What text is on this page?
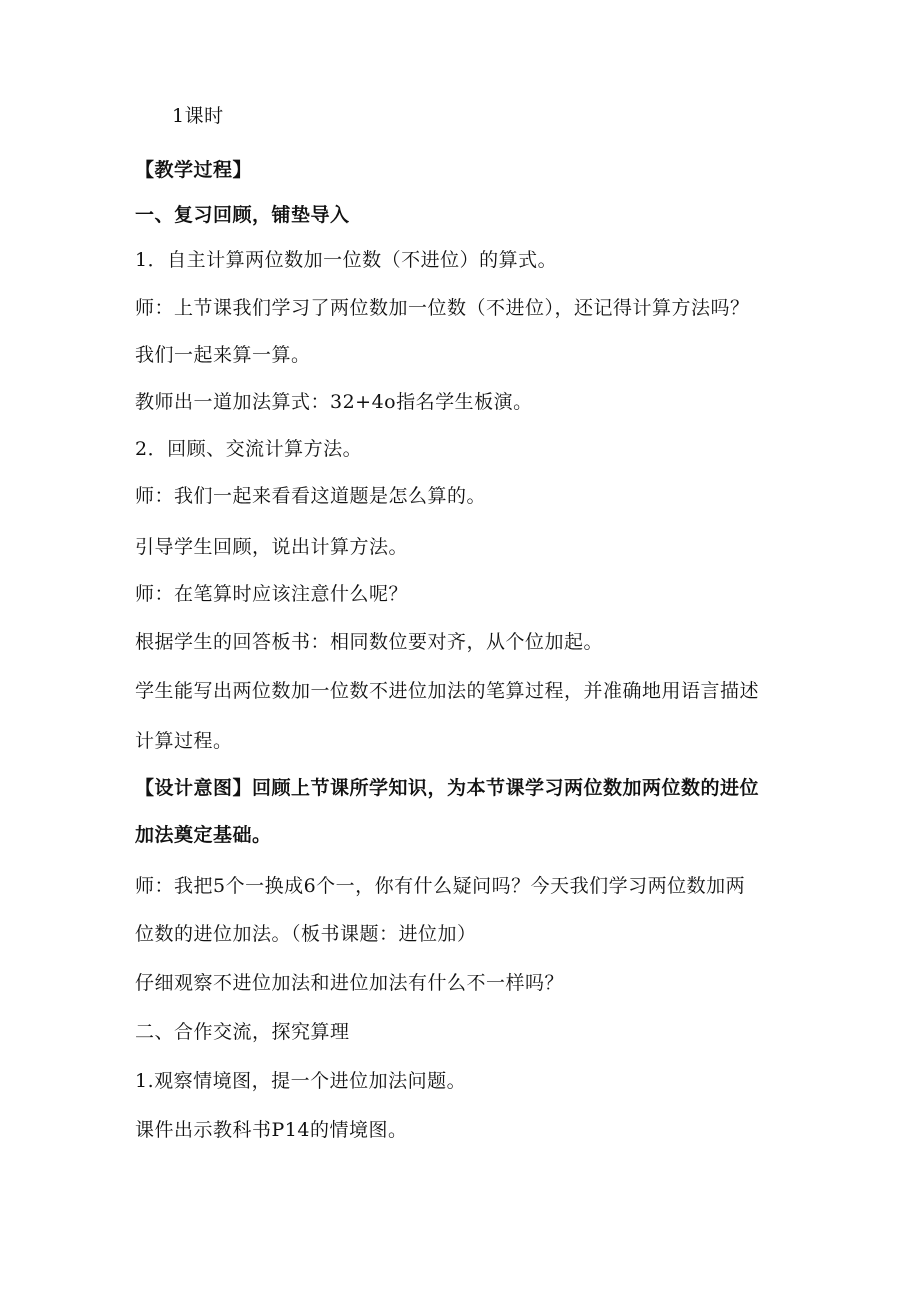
1课时
【教学过程】
一、复习回顾，铺垫导入
1．自主计算两位数加一位数（不进位）的算式。
师：上节课我们学习了两位数加一位数（不进位），还记得计算方法吗？
我们一起来算一算。
教师出一道加法算式：32+4o指名学生板演。
2．回顾、交流计算方法。
师：我们一起来看看这道题是怎么算的。
引导学生回顾，说出计算方法。
师：在笔算时应该注意什么呢？
根据学生的回答板书：相同数位要对齐，从个位加起。
学生能写出两位数加一位数不进位加法的笔算过程，并准确地用语言描述
计算过程。
【设计意图】回顾上节课所学知识，为本节课学习两位数加两位数的进位
加法奠定基础。
师：我把5个一换成6个一，你有什么疑问吗？今天我们学习两位数加两
位数的进位加法。（板书课题：进位加）
仔细观察不进位加法和进位加法有什么不一样吗？
二、合作交流，探究算理
1.观察情境图，提一个进位加法问题。
课件出示教科书P14的情境图。
